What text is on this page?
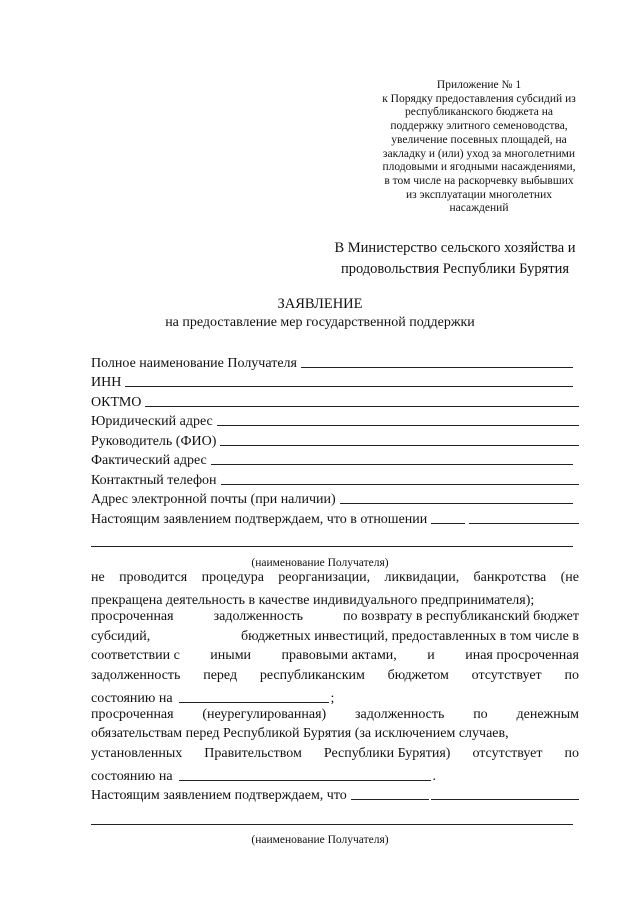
Приложение № 1
к Порядку предоставления субсидий из
республиканского бюджета на
поддержку элитного семеноводства,
увеличение посевных площадей, на
закладку и (или) уход за многолетними
плодовыми и ягодными насаждениями,
в том числе на раскорчевку выбывших
из эксплуатации многолетних
насаждений
В Министерство сельского хозяйства и
продовольствия Республики Бурятия
ЗАЯВЛЕНИЕ
на предоставление мер государственной поддержки
Полное наименование Получателя
ИНН
ОКТМО
Юридический адрес
Руководитель (ФИО)
Фактический адрес
Контактный телефон
Адрес электронной почты (при наличии)
Настоящим заявлением подтверждаем, что в отношении
(наименование Получателя)
не проводится процедура реорганизации, ликвидации, банкротства (не
прекращена деятельность в качестве индивидуального предпринимателя);
просроченная	задолженность	по возврату в республиканский бюджет
субсидий,	бюджетных инвестиций, предоставленных в том числе в
соответствии с иными правовыми актами, и иная просроченная
задолженность перед республиканским бюджетом отсутствует по
состоянию на	;
просроченная (неурегулированная) задолженность по денежным
обязательствам перед Республикой Бурятия (за исключением случаев,
установленных Правительством Республики Бурятия) отсутствует по
состоянию на	.
Настоящим заявлением подтверждаем, что
(наименование Получателя)
